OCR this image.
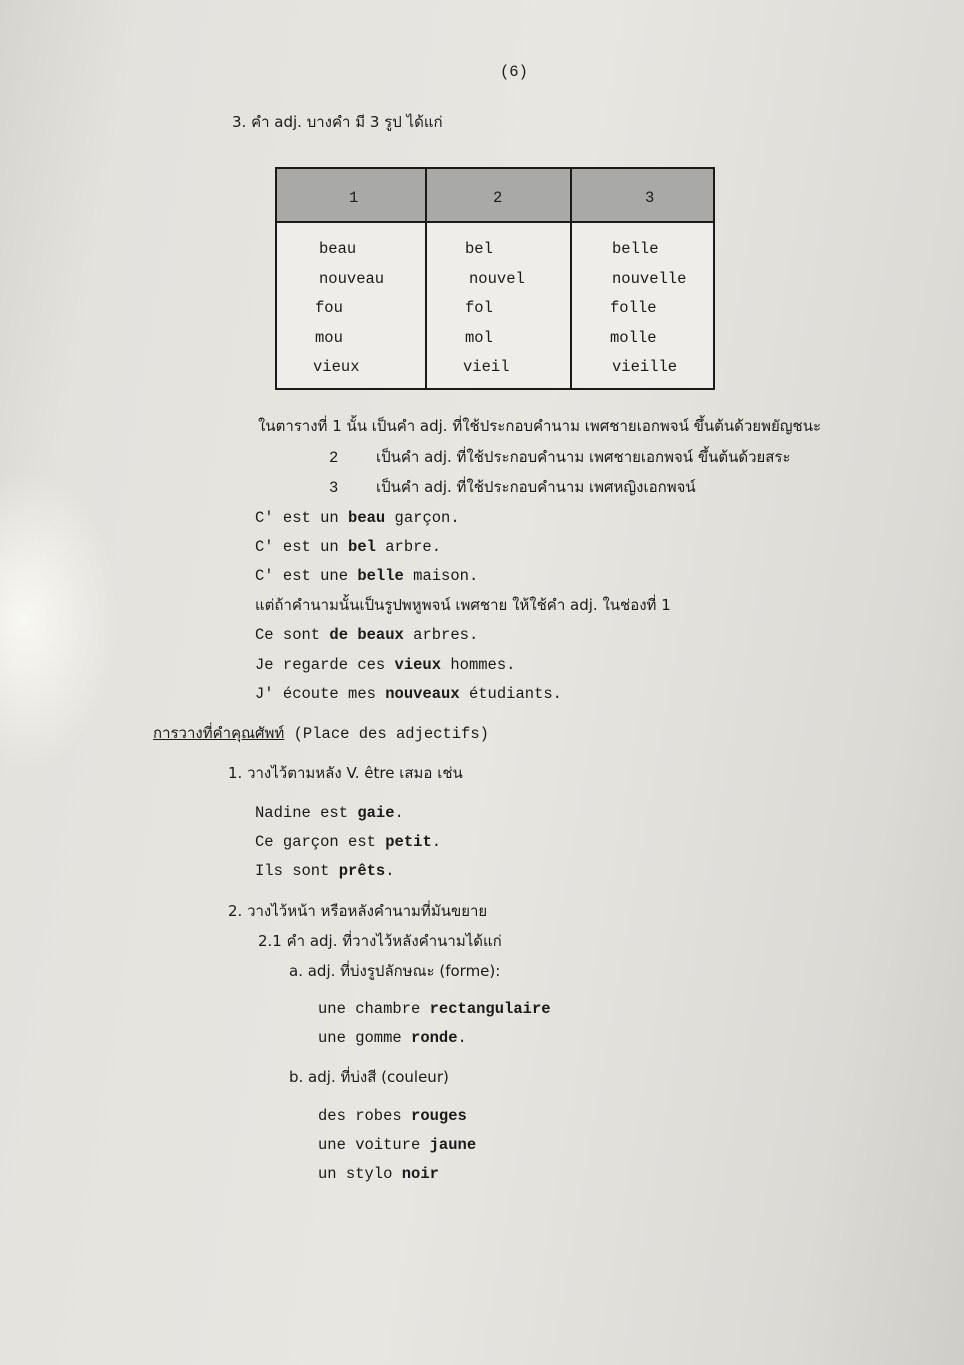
(6)
3. คำ adj. บางคำ มี 3 รูป ได้แก่
1	2	3
beau	bel	belle
nouveau	nouvel	nouvelle
fou	fol	folle
mou	mol	molle
vieux	vieil	vieille
ในตารางที่ 1 นั้น เป็นคำ adj. ที่ใช้ประกอบคำนาม เพศชายเอกพจน์ ขึ้นต้นด้วยพยัญชนะ
2	เป็นคำ adj. ที่ใช้ประกอบคำนาม เพศชายเอกพจน์ ขึ้นต้นด้วยสระ
3	เป็นคำ adj. ที่ใช้ประกอบคำนาม เพศหญิงเอกพจน์
C' est un beau garçon.
C' est un bel arbre.
C' est une belle maison.
แต่ถ้าคำนามนั้นเป็นรูปพหูพจน์ เพศชาย ให้ใช้คำ adj. ในช่องที่ 1
Ce sont de beaux arbres.
Je regarde ces vieux hommes.
J' écoute mes nouveaux étudiants.
การวางที่คำคุณศัพท์ (Place des adjectifs)
1. วางไว้ตามหลัง V. être เสมอ เช่น
Nadine est gaie.
Ce garçon est petit.
Ils sont prêts.
2. วางไว้หน้า หรือหลังคำนามที่มันขยาย
2.1 คำ adj. ที่วางไว้หลังคำนามได้แก่
a. adj. ที่บ่งรูปลักษณะ (forme):
une chambre rectangulaire
une gomme ronde.
b. adj. ที่บ่งสี (couleur)
des robes rouges
une voiture jaune
un stylo noir
